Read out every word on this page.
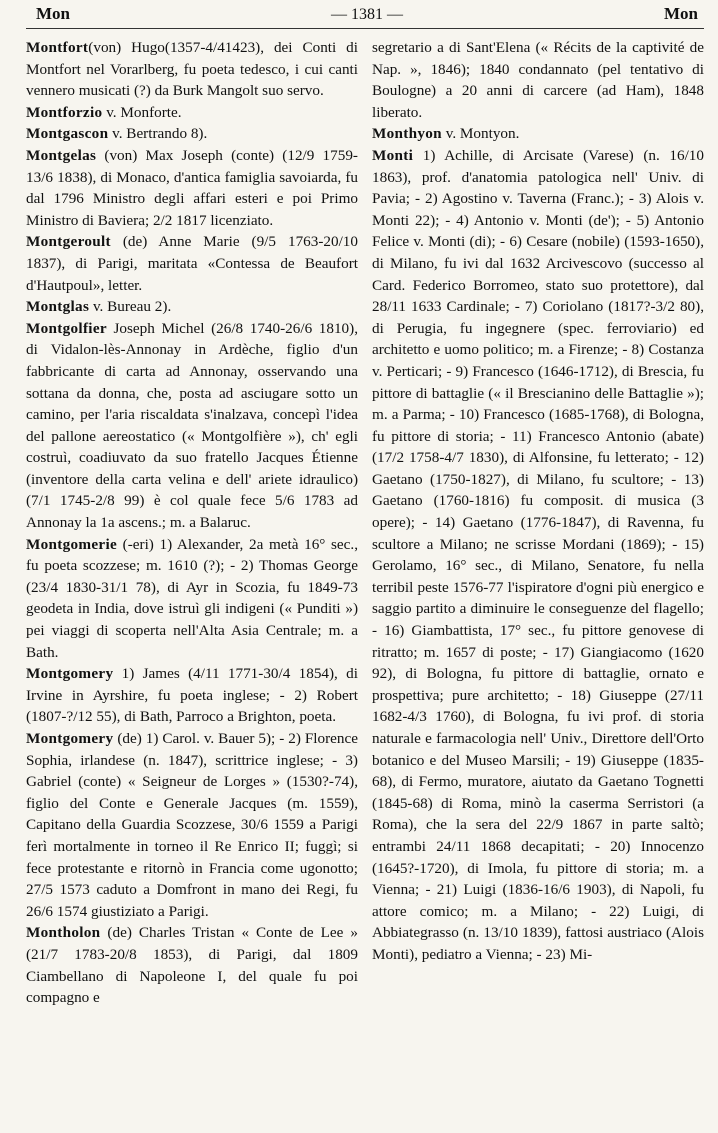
Mon	— 1381 —	Mon

Montfort(von) Hugo(1357-4/41423), dei Conti di Montfort nel Vorarlberg, fu poeta tedesco, i cui canti vennero musicati (?) da Burk Mangolt suo servo.

Montforzio v. Monforte.

Montgascon v. Bertrando 8).

Montgelas (von) Max Joseph (conte) (12/9 1759-13/6 1838), di Monaco, d'antica famiglia savoiarda, fu dal 1796 Ministro degli affari esteri e poi Primo Ministro di Baviera; 2/2 1817 licenziato.

Montgeroult (de) Anne Marie (9/5 1763-20/10 1837), di Parigi, maritata «Contessa de Beaufort d'Hautpoul», letter.

Montglas v. Bureau 2).

Montgolfier Joseph Michel (26/8 1740-26/6 1810), di Vidalon-lès-Annonay in Ardèche, figlio d'un fabbricante di carta ad Annonay, osservando una sottana da donna, che, posta ad asciugare sotto un camino, per l'aria riscaldata s'inalzava, concepì l'idea del pallone aereostatico (« Montgolfière »), ch' egli costruì, coadiuvato da suo fratello Jacques Étienne (inventore della carta velina e dell' ariete idraulico) (7/1 1745-2/8 99) è col quale fece 5/6 1783 ad Annonay la 1a ascens.; m. a Balaruc.

Montgomerie (-eri) 1) Alexander, 2a metà 16° sec., fu poeta scozzese; m. 1610 (?); - 2) Thomas George (23/4 1830-31/1 78), di Ayr in Scozia, fu 1849-73 geodeta in India, dove istruì gli indigeni (« Punditi ») pei viaggi di scoperta nell'Alta Asia Centrale; m. a Bath.

Montgomery 1) James (4/11 1771-30/4 1854), di Irvine in Ayrshire, fu poeta inglese; - 2) Robert (1807-?/12 55), di Bath, Parroco a Brighton, poeta.

Montgomery (de) 1) Carol. v. Bauer 5); - 2) Florence Sophia, irlandese (n. 1847), scrittrice inglese; - 3) Gabriel (conte) « Seigneur de Lorges » (1530?-74), figlio del Conte e Generale Jacques (m. 1559), Capitano della Guardia Scozzese, 30/6 1559 a Parigi ferì mortalmente in torneo il Re Enrico II; fuggì; si fece protestante e ritornò in Francia come ugonotto; 27/5 1573 caduto a Domfront in mano dei Regi, fu 26/6 1574 giustiziato a Parigi.

Montholon (de) Charles Tristan « Conte de Lee » (21/7 1783-20/8 1853), di Parigi, dal 1809 Ciambellano di Napoleone I, del quale fu poi compagno e

segretario a di Sant'Elena (« Récits de la captivité de Nap. », 1846); 1840 condannato (pel tentativo di Boulogne) a 20 anni di carcere (ad Ham), 1848 liberato.

Monthyon v. Montyon.

Monti 1) Achille, di Arcisate (Varese) (n. 16/10 1863), prof. d'anatomia patologica nell' Univ. di Pavia; - 2) Agostino v. Taverna (Franc.); - 3) Alois v. Monti 22); - 4) Antonio v. Monti (de'); - 5) Antonio Felice v. Monti (di); - 6) Cesare (nobile) (1593-1650), di Milano, fu ivi dal 1632 Arcivescovo (successo al Card. Federico Borromeo, stato suo protettore), dal 28/11 1633 Cardinale; - 7) Coriolano (1817?-3/2 80), di Perugia, fu ingegnere (spec. ferroviario) ed architetto e uomo politico; m. a Firenze; - 8) Costanza v. Perticari; - 9) Francesco (1646-1712), di Brescia, fu pittore di battaglie (« il Brescianino delle Battaglie »); m. a Parma; - 10) Francesco (1685-1768), di Bologna, fu pittore di storia; - 11) Francesco Antonio (abate) (17/2 1758-4/7 1830), di Alfonsine, fu letterato; - 12) Gaetano (1750-1827), di Milano, fu scultore; - 13) Gaetano (1760-1816) fu composit. di musica (3 opere); - 14) Gaetano (1776-1847), di Ravenna, fu scultore a Milano; ne scrisse Mordani (1869); - 15) Gerolamo, 16° sec., di Milano, Senatore, fu nella terribil peste 1576-77 l'ispiratore d'ogni più energico e saggio partito a diminuire le conseguenze del flagello; - 16) Giambattista, 17° sec., fu pittore genovese di ritratto; m. 1657 di poste; - 17) Giangiacomo (1620 92), di Bologna, fu pittore di battaglie, ornato e prospettiva; pure architetto; - 18) Giuseppe (27/11 1682-4/3 1760), di Bologna, fu ivi prof. di storia naturale e farmacologia nell' Univ., Direttore dell'Orto botanico e del Museo Marsili; - 19) Giuseppe (1835-68), di Fermo, muratore, aiutato da Gaetano Tognetti (1845-68) di Roma, minò la caserma Serristori (a Roma), che la sera del 22/9 1867 in parte saltò; entrambi 24/11 1868 decapitati; - 20) Innocenzo (1645?-1720), di Imola, fu pittore di storia; m. a Vienna; - 21) Luigi (1836-16/6 1903), di Napoli, fu attore comico; m. a Milano; - 22) Luigi, di Abbiategrasso (n. 13/10 1839), fattosi austriaco (Alois Monti), pediatro a Vienna; - 23) Mi-
